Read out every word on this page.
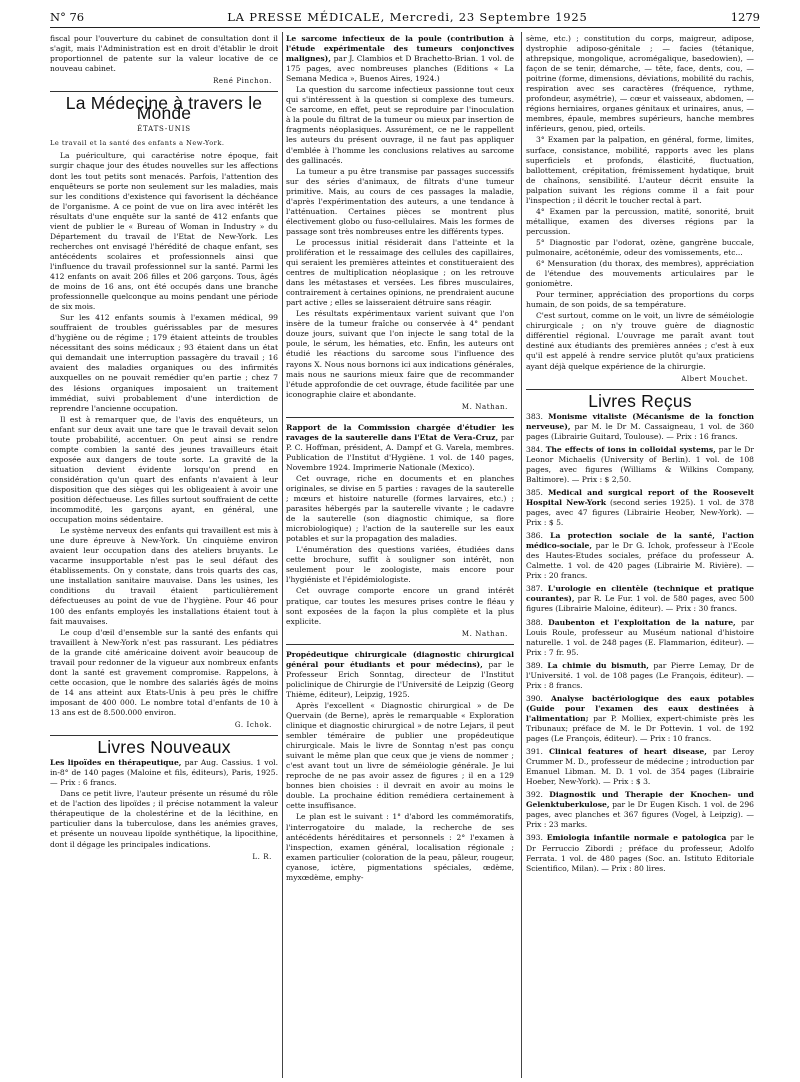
N° 76	LA PRESSE MÉDICALE, Mercredi, 23 Septembre 1925	1279

fiscal pour l'ouverture du cabinet de consultation dont il s'agit, mais l'Administration est en droit d'établir le droit proportionnel de patente sur la valeur locative de ce nouveau cabinet.

René Pinchon.
La Médecine à travers le Monde
ÉTATS-UNIS

Le travail et la santé des enfants a New-York.

La puériculture, qui caractérise notre époque, fait surgir chaque jour des études nouvelles sur les affections dont les tout petits sont menacés. Parfois, l'attention des enquêteurs se porte non seulement sur les maladies, mais sur les conditions d'existence qui favorisent la déchéance de l'organisme. A ce point de vue on lira avec intérêt les résultats d'une enquête sur la santé de 412 enfants que vient de publier le « Bureau of Woman in Industry » du Département du travail de l'Etat de New-York. Les recherches ont envisagé l'hérédité de chaque enfant, ses antécédents scolaires et professionnels ainsi que l'influence du travail professionnel sur la santé. Parmi les 412 enfants on avait 206 filles et 206 garçons. Tous, âgés de moins de 16 ans, ont été occupés dans une branche professionnelle quelconque au moins pendant une période de six mois.

Sur les 412 enfants soumis à l'examen médical, 99 souffraient de troubles guérissables par de mesures d'hygiène ou de régime ; 179 étaient atteints de troubles nécessitant des soins médicaux ; 93 étaient dans un état qui demandait une interruption passagère du travail ; 16 avaient des maladies organiques ou des infirmités auxquelles on ne pouvait remédier qu'en partie ; chez 7 des lésions organiques imposaient un traitement immédiat, suivi probablement d'une interdiction de reprendre l'ancienne occupation.

Il est à remarquer que, de l'avis des enquêteurs, un enfant sur deux avait une tare que le travail devait selon toute probabilité, accentuer. On peut ainsi se rendre compte combien la santé des jeunes travailleurs était exposée aux dangers de toute sorte. La gravité de la situation devient évidente lorsqu'on prend en considération qu'un quart des enfants n'avaient à leur disposition que des sièges qui les obligeaient à avoir une position défectueuse. Les filles surtout souffraient de cette incommodité, les garçons ayant, en général, une occupation moins sédentaire.

Le système nerveux des enfants qui travaillent est mis à une dure épreuve à New-York. Un cinquième environ avaient leur occupation dans des ateliers bruyants. Le vacarme insupportable n'est pas le seul défaut des établissements. On y constate, dans trois quarts des cas, une installation sanitaire mauvaise. Dans les usines, les conditions du travail étaient particulièrement défectueuses au point de vue de l'hygiène. Pour 46 pour 100 des enfants employés les installations étaient tout à fait mauvaises.

Le coup d'œil d'ensemble sur la santé des enfants qui travaillent à New-York n'est pas rassurant. Les pédiatres de la grande cité américaine doivent avoir beaucoup de travail pour redonner de la vigueur aux nombreux enfants dont la santé est gravement compromise. Rappelons, à cette occasion, que le nombre des salariés âgés de moins de 14 ans atteint aux Etats-Unis à peu près le chiffre imposant de 400 000. Le nombre total d'enfants de 10 à 13 ans est de 8.500.000 environ.

G. Ichok.
Livres Nouveaux

Les lipoïdes en thérapeutique, par Aug. Cassius. 1 vol. in-8° de 140 pages (Maloine et fils, éditeurs), Paris, 1925. — Prix : 6 francs.

Dans ce petit livre, l'auteur présente un résumé du rôle et de l'action des lipoïdes ; il précise notamment la valeur thérapeutique de la cholestérine et de la lécithine, en particulier dans la tuberculose, dans les anémies graves, et présente un nouveau lipoïde synthétique, la lipocithine, dont il dégage les principales indications.

L. R.

Le sarcome infectieux de la poule (contribution à l'étude expérimentale des tumeurs conjonctives malignes), par J. Clambios et D Brachetto-Brian. 1 vol. de 175 pages, avec nombreuses planches (Editions « La Semana Medica », Buenos Aires, 1924.)

La question du sarcome infectieux passionne tout ceux qui s'intéressent à la question si complexe des tumeurs. Ce sarcome, en effet, peut se reproduire par l'inoculation à la poule du filtrat de la tumeur ou mieux par insertion de fragments néoplasiques. Assurément, ce ne le rappellent les auteurs du présent ouvrage, il ne faut pas appliquer d'emblée à l'homme les conclusions relatives au sarcome des gallinacés.

La tumeur a pu être transmise par passages successifs sur des séries d'animaux, de filtrats d'une tumeur primitive. Mais, au cours de ces passages la maladie, d'après l'expérimentation des auteurs, a une tendance à l'atténuation. Certaines pièces se montrent plus électivement globo ou fuso-cellulaires. Mais les formes de passage sont très nombreuses entre les différents types.

Le processus initial résiderait dans l'atteinte et la prolifération et le ressaimage des cellules des capillaires, qui seraient les premières atteintes et constitueraient des centres de multiplication néoplasique ; on les retrouve dans les métastases et versées. Les fibres musculaires, contrairement à certaines opinions, ne prendraient aucune part active ; elles se laisseraient détruire sans réagir.

Les résultats expérimentaux varient suivant que l'on insère de la tumeur fraîche ou conservée à 4° pendant douze jours, suivant que l'on injecte le sang total de la poule, le sérum, les hématies, etc. Enfin, les auteurs ont étudié les réactions du sarcome sous l'influence des rayons X. Nous nous bornons ici aux indications générales, mais nous ne saurions mieux faire que de recommander l'étude approfondie de cet ouvrage, étude facilitée par une iconographie claire et abondante.

M. Nathan.

Rapport de la Commission chargée d'étudier les ravages de la sauterelle dans l'Etat de Vera-Cruz, par P. C. Hoffman, président, A. Dampf et G. Varela, membres. Publication de l'Institut d'Hygiène. 1 vol. de 140 pages, Novembre 1924. Imprimerie Nationale (Mexico).

Cet ouvrage, riche en documents et en planches originales, se divise en 5 parties : ravages de la sauterelle ; mœurs et histoire naturelle (formes larvaires, etc.) ; parasites hébergés par la sauterelle vivante ; le cadavre de la sauterelle (son diagnostic chimique, sa flore microbiologique) ; l'action de la sauterelle sur les eaux potables et sur la propagation des maladies.

L'énumération des questions variées, étudiées dans cette brochure, suffit à souligner son intérêt, non seulement pour le zoologiste, mais encore pour l'hygiéniste et l'épidémiologiste.

Cet ouvrage comporte encore un grand intérêt pratique, car toutes les mesures prises contre le fléau y sont exposées de la façon la plus complète et la plus explicite.

M. Nathan.

Propédeutique chirurgicale (diagnostic chirurgical général pour étudiants et pour médecins), par le Professeur Erich Sonntag, directeur de l'Institut policlinique de Chirurgie de l'Université de Leipzig (Georg Thième, éditeur), Leipzig, 1925.

Après l'excellent « Diagnostic chirurgical » de De Quervain (de Berne), après le remarquable « Exploration clinique et diagnostic chirurgical » de notre Lejars, il peut sembler téméraire de publier une propédeutique chirurgicale. Mais le livre de Sonntag n'est pas conçu suivant le même plan que ceux que je viens de nommer ; c'est avant tout un livre de séméiologie générale. Je lui reproche de ne pas avoir assez de figures ; il en a 129 bonnes bien choisies : il devrait en avoir au moins le double. La prochaine édition remédiera certainement à cette insuffisance.

Le plan est le suivant : 1° d'abord les commémoratifs, l'interrogatoire du malade, la recherche de ses antécédents héréditaires et personnels : 2° l'examen à l'inspection, examen général, localisation régionale ; examen particulier (coloration de la peau, pâleur, rougeur, cyanose, ictère, pigmentations spéciales, œdème, myxœdème, emphy-

sème, etc.) ; constitution du corps, maigreur, adipose, dystrophie adiposo-génitale ; — facies (tétanique, athrepsique, mongolique, acromégalique, basedowien), — façon de se tenir, démarche, — tête, face, dents, cou, — poitrine (forme, dimensions, déviations, mobilité du rachis, respiration avec ses caractères (fréquence, rythme, profondeur, asymétrie), — cœur et vaisseaux, abdomen, — régions herniaires, organes génitaux et urinaires, anus, — membres, épaule, membres supérieurs, hanche membres inférieurs, genou, pied, orteils.

3° Examen par la palpation, en général, forme, limites, surface, consistance, mobilité, rapports avec les plans superficiels et profonds, élasticité, fluctuation, ballottement, crépitation, frémissement hydatique, bruit de chaînons, sensibilité. L'auteur décrit ensuite la palpation suivant les régions comme il a fait pour l'inspection ; il décrit le toucher rectal à part.

4° Examen par la percussion, matité, sonorité, bruit métallique, examen des diverses régions par la percussion.

5° Diagnostic par l'odorat, ozène, gangrène buccale, pulmonaire, acétonémie, odeur des vomissements, etc...

6° Mensuration (du thorax, des membres), appréciation de l'étendue des mouvements articulaires par le goniomètre.

Pour terminer, appréciation des proportions du corps humain, de son poids, de sa température.

C'est surtout, comme on le voit, un livre de séméiologie chirurgicale ; on n'y trouve guère de diagnostic différentiel régional. L'ouvrage me paraît avant tout destiné aux étudiants des premières années ; c'est à eux qu'il est appelé à rendre service plutôt qu'aux praticiens ayant déjà quelque expérience de la chirurgie.

Albert Mouchet.
Livres Reçus

383. Monisme vitaliste (Mécanisme de la fonction nerveuse), par M. le Dr M. Cassaigneau, 1 vol. de 360 pages (Librairie Guitard, Toulouse). — Prix : 16 francs.

384. The effects of ions in colloidal systems, par le Dr Leonor Michaelis (University of Berlin). 1 vol. de 108 pages, avec figures (Williams & Wilkins Company, Baltimore). — Prix : $ 2,50.

385. Medical and surgical report of the Roosevelt Hospital New-York (second series 1925). 1 vol. de 378 pages, avec 47 figures (Librairie Heober, New-York). — Prix : $ 5.

386. La protection sociale de la santé, l'action médico-sociale, par le Dr G. Ichok, professeur à l'Ecole des Hautes-Etudes sociales, préface du professeur A. Calmette. 1 vol. de 420 pages (Librairie M. Rivière). — Prix : 20 francs.

387. L'urologie en clientèle (technique et pratique courantes), par R. Le Fur. 1 vol. de 580 pages, avec 500 figures (Librairie Maloine, éditeur). — Prix : 30 francs.

388. Daubenton et l'exploitation de la nature, par Louis Roule, professeur au Muséum national d'histoire naturelle. 1 vol. de 248 pages (E. Flammarion, éditeur). — Prix : 7 fr. 95.

389. La chimie du bismuth, par Pierre Lemay, Dr de l'Université. 1 vol. de 108 pages (Le François, éditeur). — Prix : 8 francs.

390. Analyse bactériologique des eaux potables (Guide pour l'examen des eaux destinées à l'alimentation; par P. Molliex, expert-chimiste près les Tribunaux; préface de M. le Dr Pottevin. 1 vol. de 192 pages (Le François, éditeur). — Prix : 10 francs.

391. Clinical features of heart disease, par Leroy Crummer M. D., professeur de médecine ; introduction par Emanuel Libman. M. D. 1 vol. de 354 pages (Librairie Hoeber, New-York). — Prix : $ 3.

392. Diagnostik und Therapie der Knochen- und Gelenktuberkulose, par le Dr Eugen Kisch. 1 vol. de 296 pages, avec planches et 367 figures (Vogel, à Leipzig). — Prix : 23 marks.

393. Emiologia infantile normale e patologica par le Dr Ferruccio Zibordi ; préface du professeur, Adolfo Ferrata. 1 vol. de 480 pages (Soc. an. Istituto Editoriale Scientifico, Milan). — Prix : 80 lires.
